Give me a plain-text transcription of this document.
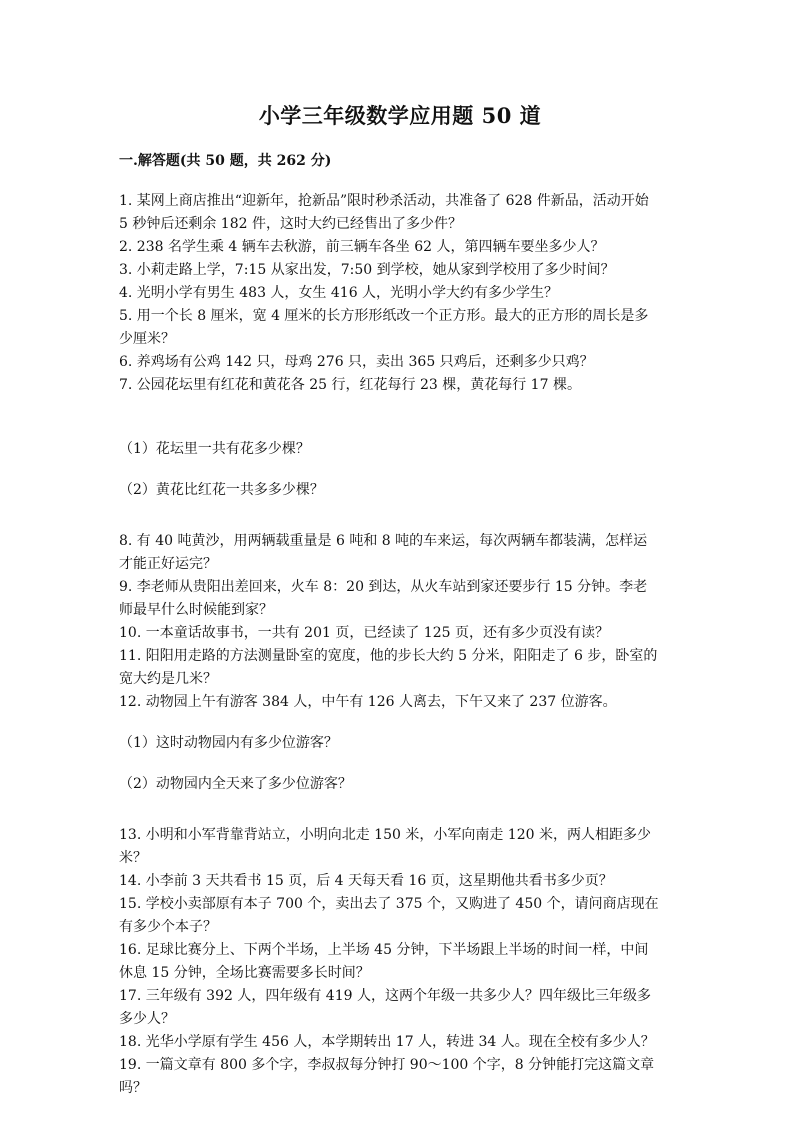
小学三年级数学应用题 50 道
一.解答题(共 50 题，共 262 分)

1. 某网上商店推出“迎新年，抢新品”限时秒杀活动，共准备了 628 件新品，活动开始 5 秒钟后还剩余 182 件，这时大约已经售出了多少件？

2. 238 名学生乘 4 辆车去秋游，前三辆车各坐 62 人，第四辆车要坐多少人？

3. 小莉走路上学，7:15 从家出发，7:50 到学校，她从家到学校用了多少时间？

4. 光明小学有男生 483 人，女生 416 人，光明小学大约有多少学生？

5. 用一个长 8 厘米，宽 4 厘米的长方形形纸改一个正方形。最大的正方形的周长是多少厘米？

6. 养鸡场有公鸡 142 只，母鸡 276 只，卖出 365 只鸡后，还剩多少只鸡？

7. 公园花坛里有红花和黄花各 25 行，红花每行 23 棵，黄花每行 17 棵。

（1）花坛里一共有花多少棵？

（2）黄花比红花一共多多少棵？

8. 有 40 吨黄沙，用两辆载重量是 6 吨和 8 吨的车来运，每次两辆车都装满，怎样运才能正好运完？

9. 李老师从贵阳出差回来，火车 8：20 到达，从火车站到家还要步行 15 分钟。李老师最早什么时候能到家？

10. 一本童话故事书，一共有 201 页，已经读了 125 页，还有多少页没有读？

11. 阳阳用走路的方法测量卧室的宽度，他的步长大约 5 分米，阳阳走了 6 步，卧室的宽大约是几米？

12. 动物园上午有游客 384 人，中午有 126 人离去，下午又来了 237 位游客。

（1）这时动物园内有多少位游客？

（2）动物园内全天来了多少位游客？

13. 小明和小军背靠背站立，小明向北走 150 米，小军向南走 120 米，两人相距多少米？

14. 小李前 3 天共看书 15 页，后 4 天每天看 16 页，这星期他共看书多少页？

15. 学校小卖部原有本子 700 个，卖出去了 375 个，又购进了 450 个，请问商店现在有多少个本子？

16. 足球比赛分上、下两个半场，上半场 45 分钟，下半场跟上半场的时间一样，中间休息 15 分钟，全场比赛需要多长时间？

17. 三年级有 392 人，四年级有 419 人，这两个年级一共多少人？四年级比三年级多多少人？

18. 光华小学原有学生 456 人，本学期转出 17 人，转进 34 人。现在全校有多少人？

19. 一篇文章有 800 多个字，李叔叔每分钟打 90～100 个字，8 分钟能打完这篇文章吗？
